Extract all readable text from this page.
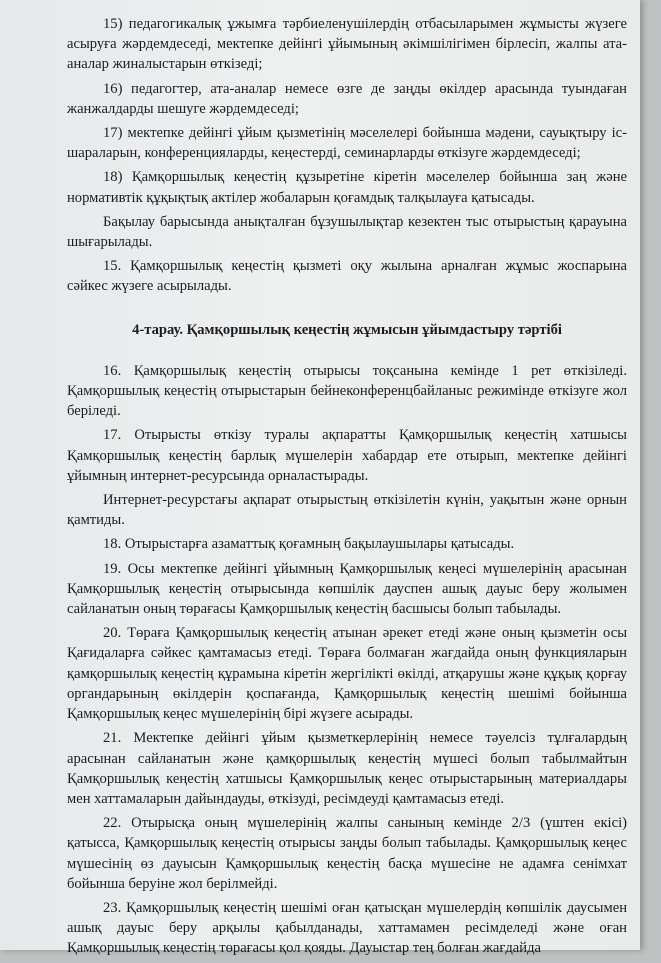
15) педагогикалық ұжымға тәрбиеленушілердің отбасыларымен жұмысты жүзеге асыруға жәрдемдеседі, мектепке дейінгі ұйымының әкімшілігімен бірлесіп, жалпы ата-аналар жиналыстарын өткізеді;

16) педагогтер, ата-аналар немесе өзге де заңды өкілдер арасында туындаған жанжалдарды шешуге жәрдемдеседі;

17) мектепке дейінгі ұйым қызметінің мәселелері бойынша мәдени, сауықтыру іс-шараларын, конференцияларды, кеңестерді, семинарларды өткізуге жәрдемдеседі;

18) Қамқоршылық кеңестің құзыретіне кіретін мәселелер бойынша заң және нормативтік құқықтық актілер жобаларын қоғамдық талқылауға қатысады.

Бақылау барысында анықталған бұзушылықтар кезектен тыс отырыстың қарауына шығарылады.

15. Қамқоршылық кеңестің қызметі оқу жылына арналған жұмыс жоспарына сәйкес жүзеге асырылады.

4-тарау. Қамқоршылық кеңестің жұмысын ұйымдастыру тәртібі

16. Қамқоршылық кеңестің отырысы тоқсанына кемінде 1 рет өткізіледі. Қамқоршылық кеңестің отырыстарын бейнеконференцбайланыс режимінде өткізуге жол беріледі.

17. Отырысты өткізу туралы ақпаратты Қамқоршылық кеңестің хатшысы Қамқоршылық кеңестің барлық мүшелерін хабардар ете отырып, мектепке дейінгі ұйымның интернет-ресурсында орналастырады.

Интернет-ресурстағы ақпарат отырыстың өткізілетін күнін, уақытын және орнын қамтиды.

18. Отырыстарға азаматтық қоғамның бақылаушылары қатысады.

19. Осы мектепке дейінгі ұйымның Қамқоршылық кеңесі мүшелерінің арасынан Қамқоршылық кеңестің отырысында көпшілік дауспен ашық дауыс беру жолымен сайланатын оның төрағасы Қамқоршылық кеңестің басшысы болып табылады.

20. Төраға Қамқоршылық кеңестің атынан әрекет етеді және оның қызметін осы Қағидаларға сәйкес қамтамасыз етеді. Төраға болмаған жағдайда оның функцияларын қамқоршылық кеңестің құрамына кіретін жергілікті өкілді, атқарушы және құқық қорғау органдарының өкілдерін қоспағанда, Қамқоршылық кеңестің шешімі бойынша Қамқоршылық кеңес мүшелерінің бірі жүзеге асырады.

21. Мектепке дейінгі ұйым қызметкерлерінің немесе тәуелсіз тұлғалардың арасынан сайланатын және қамқоршылық кеңестің мүшесі болып табылмайтын Қамқоршылық кеңестің хатшысы Қамқоршылық кеңес отырыстарының материалдары мен хаттамаларын дайындауды, өткізуді, ресімдеуді қамтамасыз етеді.

22. Отырысқа оның мүшелерінің жалпы санының кемінде 2/3 (үштен екісі) қатысса, Қамқоршылық кеңестің отырысы заңды болып табылады. Қамқоршылық кеңес мүшесінің өз дауысын Қамқоршылық кеңестің басқа мүшесіне не адамға сенімхат бойынша беруіне жол берілмейді.

23. Қамқоршылық кеңестің шешімі оған қатысқан мүшелердің көпшілік даусымен ашық дауыс беру арқылы қабылданады, хаттамамен ресімделеді және оған Қамқоршылық кеңестің төрағасы қол қояды. Дауыстар тең болған жағдайда
